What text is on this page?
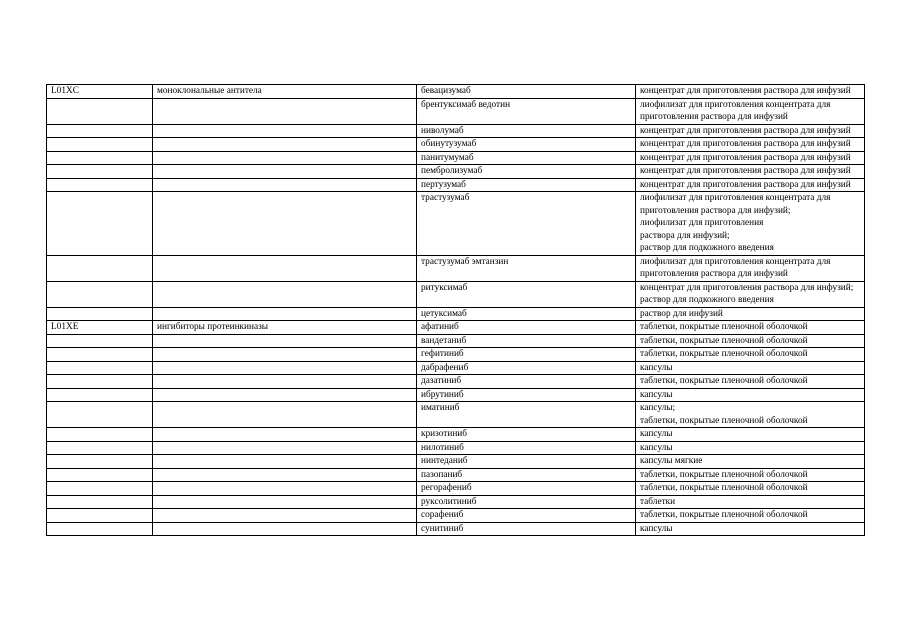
L01XC	моноклональные антитела	бевацизумаб	концентрат для приготовления раствора для инфузий
		брентуксимаб ведотин	лиофилизат для приготовления концентрата для приготовления раствора для инфузий
		ниволумаб	концентрат для приготовления раствора для инфузий
		обинутузумаб	концентрат для приготовления раствора для инфузий
		панитумумаб	концентрат для приготовления раствора для инфузий
		пембролизумаб	концентрат для приготовления раствора для инфузий
		пертузумаб	концентрат для приготовления раствора для инфузий
		трастузумаб	лиофилизат для приготовления концентрата для приготовления раствора для инфузий;
лиофилизат для приготовления
раствора для инфузий;
раствор для подкожного введения
		трастузумаб эмтанзин	лиофилизат для приготовления концентрата для приготовления раствора для инфузий
		ритуксимаб	концентрат для приготовления раствора для инфузий;
раствор для подкожного введения
		цетуксимаб	раствор для инфузий
L01XE	ингибиторы протеинкиназы	афатиниб	таблетки, покрытые пленочной оболочкой
		вандетаниб	таблетки, покрытые пленочной оболочкой
		гефитиниб	таблетки, покрытые пленочной оболочкой
		дабрафениб	капсулы
		дазатиниб	таблетки, покрытые пленочной оболочкой
		ибрутиниб	капсулы
		иматиниб	капсулы;
таблетки, покрытые пленочной оболочкой
		кризотиниб	капсулы
		нилотиниб	капсулы
		нинтеданиб	капсулы мягкие
		пазопаниб	таблетки, покрытые пленочной оболочкой
		регорафениб	таблетки, покрытые пленочной оболочкой
		руксолитиниб	таблетки
		сорафениб	таблетки, покрытые пленочной оболочкой
		сунитиниб	капсулы
